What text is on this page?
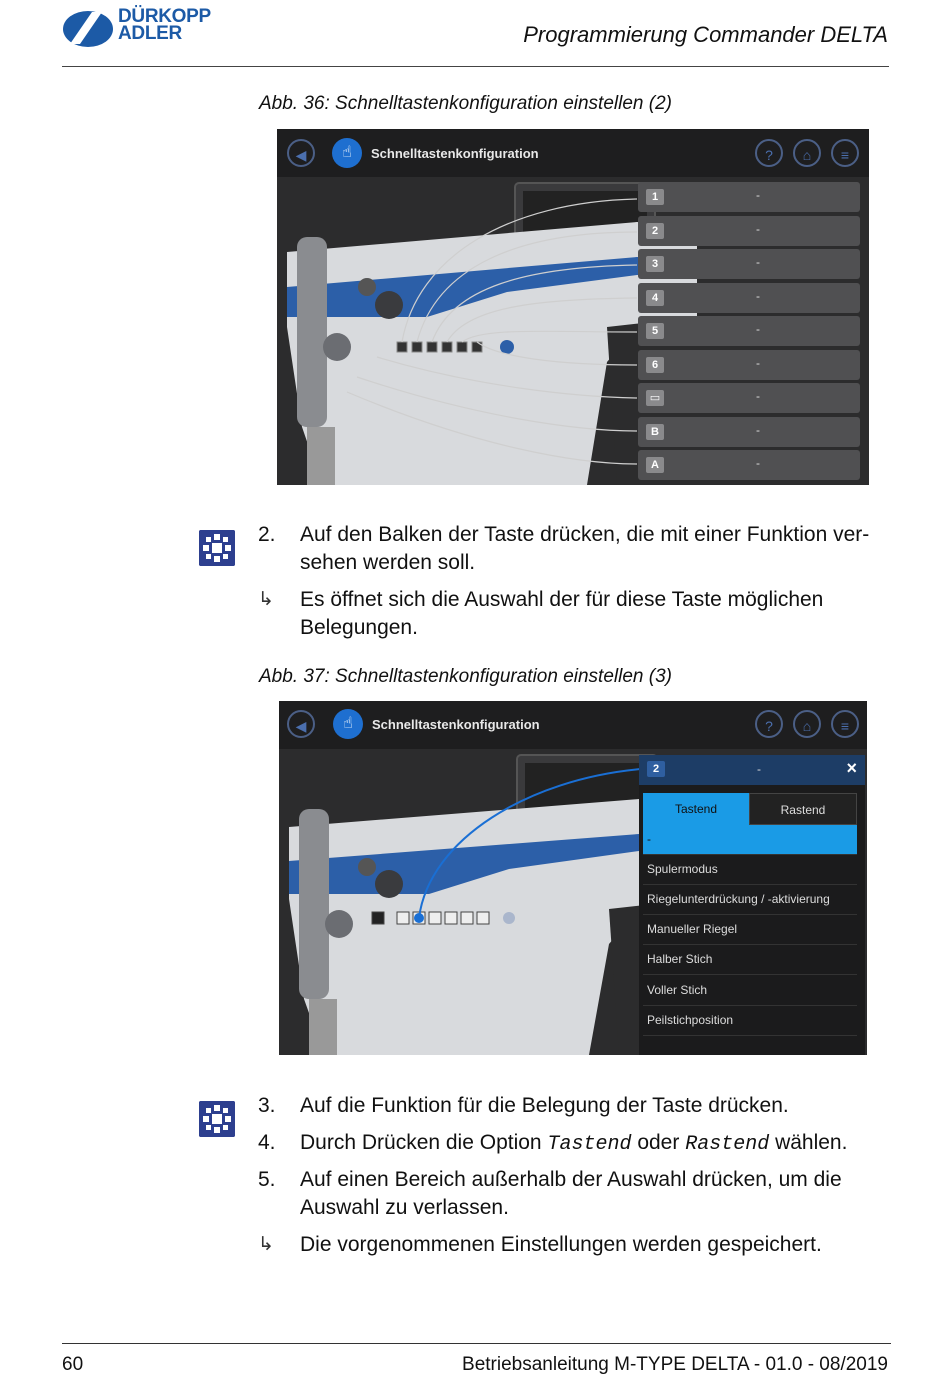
DÜRKOPP
ADLER	Programmierung Commander DELTA
Abb. 36: Schnelltastenkonfiguration einstellen (2)
◀	☝	Schnelltastenkonfiguration	?	⌂	≡
1	-
2	-
3	-
4	-
5	-
6	-
▭	-
B	-
A	-
2. Auf den Balken der Taste drücken, die mit einer Funktion ver-sehen werden soll.
↳ Es öffnet sich die Auswahl der für diese Taste möglichen Belegungen.
Abb. 37: Schnelltastenkonfiguration einstellen (3)
◀	☝	Schnelltastenkonfiguration	?	⌂	≡
2	-	×
Tastend	Rastend
-
Spulermodus
Riegelunterdrückung / -aktivierung
Manueller Riegel
Halber Stich
Voller Stich
Peilstichposition
3. Auf die Funktion für die Belegung der Taste drücken.
4. Durch Drücken die Option Tastend oder Rastend wählen.
5. Auf einen Bereich außerhalb der Auswahl drücken, um die Auswahl zu verlassen.
↳ Die vorgenommenen Einstellungen werden gespeichert.
60	Betriebsanleitung M-TYPE DELTA - 01.0 - 08/2019
